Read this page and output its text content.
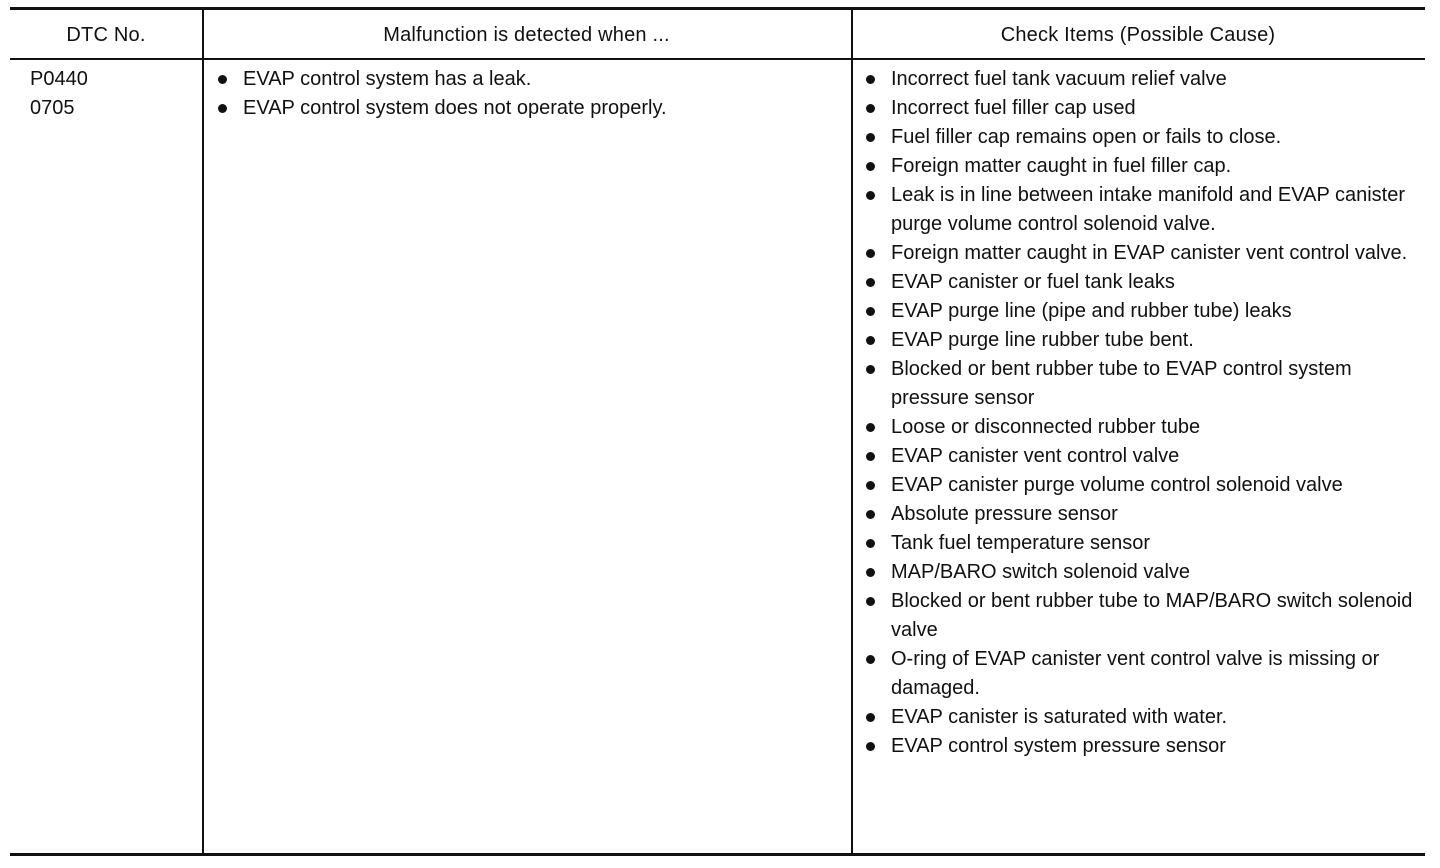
DTC No.	Malfunction is detected when ...	Check Items (Possible Cause)
P0440
0705
EVAP control system has a leak.
EVAP control system does not operate properly.
Incorrect fuel tank vacuum relief valve
Incorrect fuel filler cap used
Fuel filler cap remains open or fails to close.
Foreign matter caught in fuel filler cap.
Leak is in line between intake manifold and EVAP canister purge volume control solenoid valve.
Foreign matter caught in EVAP canister vent control valve.
EVAP canister or fuel tank leaks
EVAP purge line (pipe and rubber tube) leaks
EVAP purge line rubber tube bent.
Blocked or bent rubber tube to EVAP control system pressure sensor
Loose or disconnected rubber tube
EVAP canister vent control valve
EVAP canister purge volume control solenoid valve
Absolute pressure sensor
Tank fuel temperature sensor
MAP/BARO switch solenoid valve
Blocked or bent rubber tube to MAP/BARO switch solenoid valve
O-ring of EVAP canister vent control valve is missing or damaged.
EVAP canister is saturated with water.
EVAP control system pressure sensor
